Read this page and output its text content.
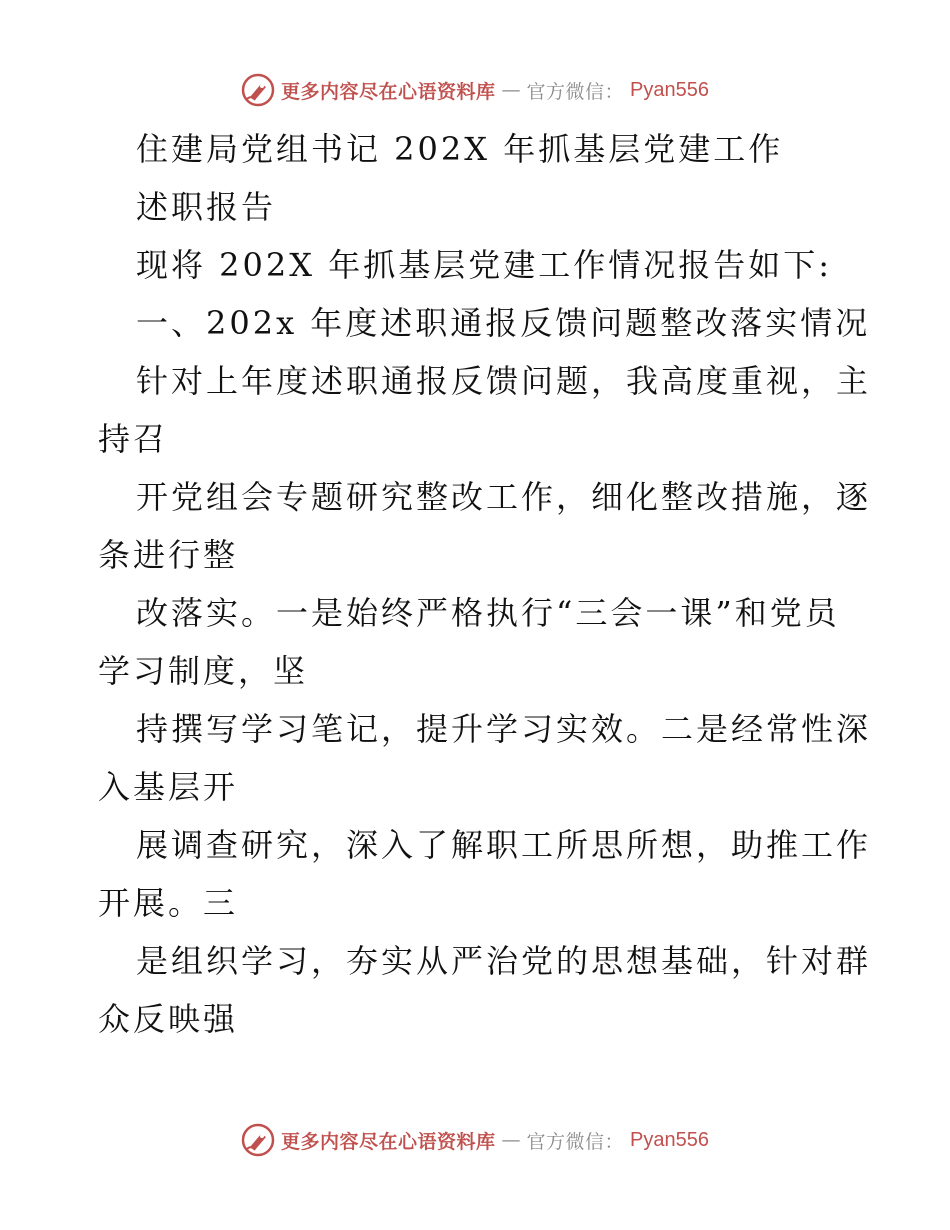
更多内容尽在心语资料库 — 官方微信： Pyan556
住建局党组书记 202X 年抓基层党建工作
述职报告
现将 202X 年抓基层党建工作情况报告如下:
一、202x 年度述职通报反馈问题整改落实情况
针对上年度述职通报反馈问题，我高度重视，主
持召
开党组会专题研究整改工作，细化整改措施，逐
条进行整
改落实。一是始终严格执行“三会一课”和党员
学习制度，坚
持撰写学习笔记，提升学习实效。二是经常性深
入基层开
展调查研究，深入了解职工所思所想，助推工作
开展。三
是组织学习，夯实从严治党的思想基础，针对群
众反映强
更多内容尽在心语资料库 — 官方微信： Pyan556
